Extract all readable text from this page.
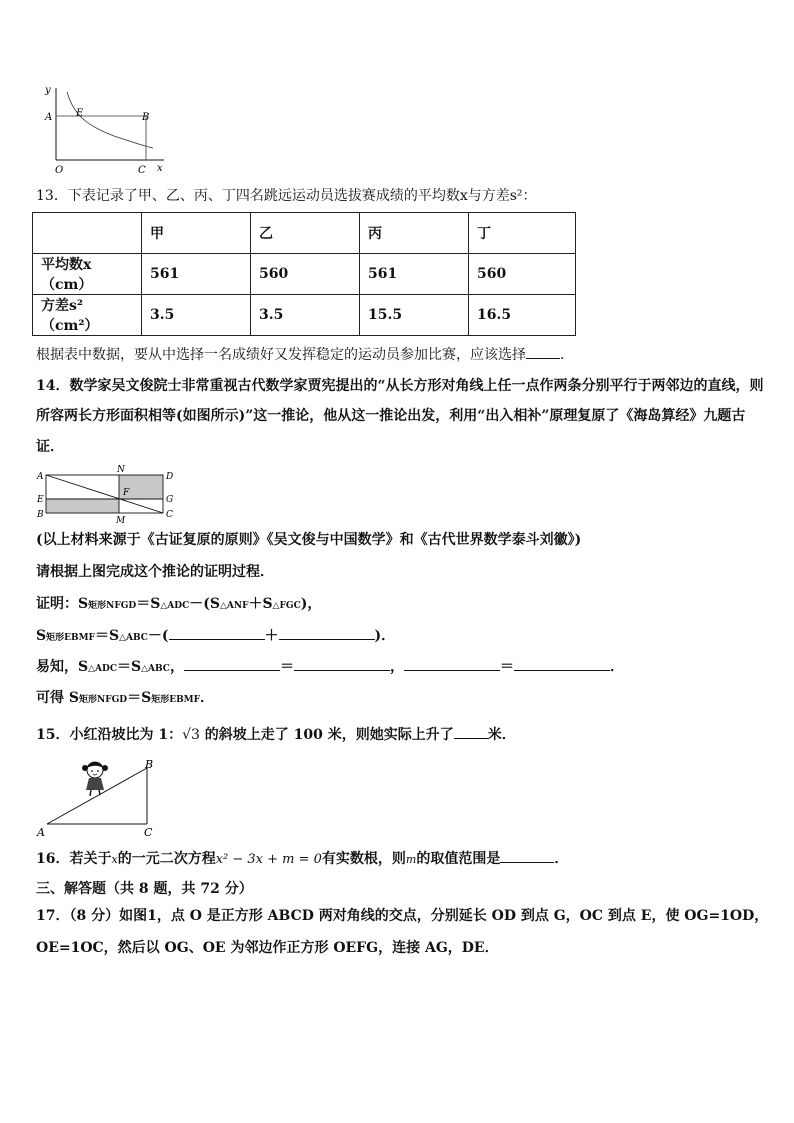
y
A E	B
O	C x
13．下表记录了甲、乙、丙、丁四名跳远运动员选拔赛成绩的平均数x与方差s²：
	甲	乙	丙	丁
平均数x（cm）	561	560	561	560
方差s²（cm²）	3.5	3.5	15.5	16.5
根据表中数据，要从中选择一名成绩好又发挥稳定的运动员参加比赛，应该选择 ．
14．数学家吴文俊院士非常重视古代数学家贾宪提出的“从长方形对角线上任一点作两条分别平行于两邻边的直线，则
所容两长方形面积相等(如图所示)”这一推论，他从这一推论出发，利用“出入相补”原理复原了《海岛算经》九题古
证．
A
N
D
E
F
G
B
M
C
(以上材料来源于《古证复原的原则》《吴文俊与中国数学》和《古代世界数学泰斗刘徽》)
请根据上图完成这个推论的证明过程．
证明：S矩形NFGD＝S△ADC－(S△ANF＋S△FGC)，
S矩形EBMF＝S△ABC－(	＋	)．
易知，S△ADC＝S△ABC，	＝	，	＝	．
可得 S矩形NFGD＝S矩形EBMF．
15．小红沿坡比为 1：√3 的斜坡上走了 100 米，则她实际上升了 米．
A
B
C
16．若关于x的一元二次方程x² − 3x + m = 0有实数根，则m的取值范围是	．
三、解答题（共 8 题，共 72 分）
17．（8 分）如图1，点 O 是正方形 ABCD 两对角线的交点，分别延长 OD 到点 G，OC 到点 E，使 OG=1OD，
OE=1OC，然后以 OG、OE 为邻边作正方形 OEFG，连接 AG，DE．
